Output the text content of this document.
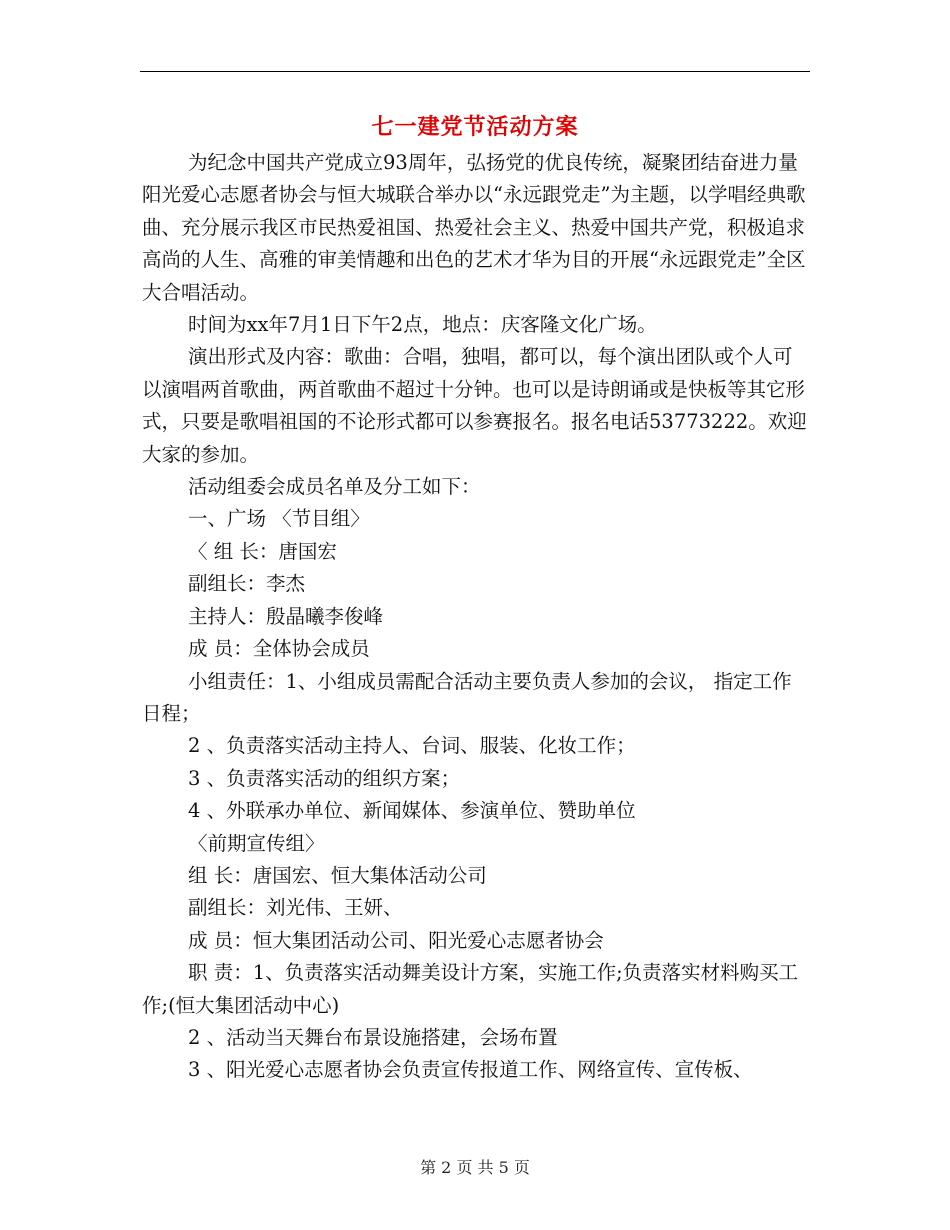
七一建党节活动方案

为纪念中国共产党成立93周年，弘扬党的优良传统，凝聚团结奋进力量阳光爱心志愿者协会与恒大城联合举办以“永远跟党走”为主题，以学唱经典歌曲、充分展示我区市民热爱祖国、热爱社会主义、热爱中国共产党，积极追求高尚的人生、高雅的审美情趣和出色的艺术才华为目的开展“永远跟党走”全区大合唱活动。

时间为xx年7月1日下午2点，地点：庆客隆文化广场。

演出形式及内容：歌曲：合唱，独唱，都可以，每个演出团队或个人可以演唱两首歌曲，两首歌曲不超过十分钟。也可以是诗朗诵或是快板等其它形式，只要是歌唱祖国的不论形式都可以参赛报名。报名电话53773222。欢迎大家的参加。

活动组委会成员名单及分工如下：

一、广场 〈节目组〉

〈 组 长：唐国宏

副组长：李杰

主持人：殷晶曦李俊峰

成 员：全体协会成员

小组责任：1、小组成员需配合活动主要负责人参加的会议， 指定工作日程；

2 、负责落实活动主持人、台词、服装、化妆工作；

3 、负责落实活动的组织方案；

4 、外联承办单位、新闻媒体、参演单位、赞助单位

〈前期宣传组〉

组 长：唐国宏、恒大集体活动公司

副组长：刘光伟、王妍、

成 员：恒大集团活动公司、阳光爱心志愿者协会

职 责：1、负责落实活动舞美设计方案，实施工作;负责落实材料购买工作;(恒大集团活动中心)

2 、活动当天舞台布景设施搭建，会场布置

3 、阳光爱心志愿者协会负责宣传报道工作、网络宣传、宣传板、

第 2 页 共 5 页
